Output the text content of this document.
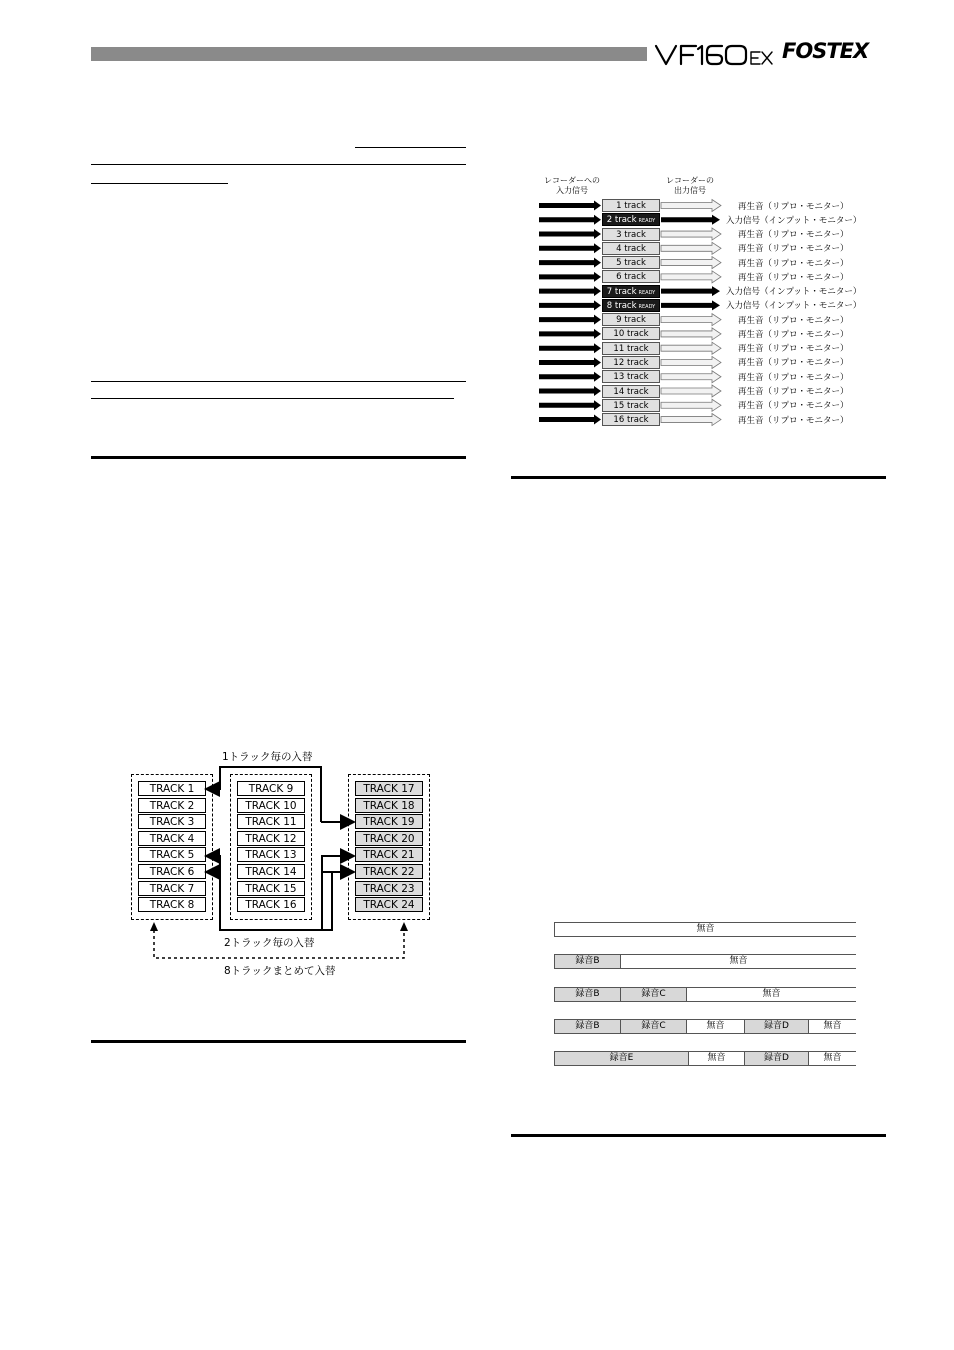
FOSTEX
1トラック毎の入替
2トラック毎の入替
8トラックまとめて入替
TRACK 1
TRACK 2
TRACK 3
TRACK 4
TRACK 5
TRACK 6
TRACK 7
TRACK 8
TRACK 9
TRACK 10
TRACK 11
TRACK 12
TRACK 13
TRACK 14
TRACK 15
TRACK 16
TRACK 17
TRACK 18
TRACK 19
TRACK 20
TRACK 21
TRACK 22
TRACK 23
TRACK 24
レコーダーへの
入力信号
レコーダーの
出力信号
1 track	再生音（リプロ・モニター）
2 track READY	入力信号（インプット・モニター）
3 track	再生音（リプロ・モニター）
4 track	再生音（リプロ・モニター）
5 track	再生音（リプロ・モニター）
6 track	再生音（リプロ・モニター）
7 track READY	入力信号（インプット・モニター）
8 track READY	入力信号（インプット・モニター）
9 track	再生音（リプロ・モニター）
10 track	再生音（リプロ・モニター）
11 track	再生音（リプロ・モニター）
12 track	再生音（リプロ・モニター）
13 track	再生音（リプロ・モニター）
14 track	再生音（リプロ・モニター）
15 track	再生音（リプロ・モニター）
16 track	再生音（リプロ・モニター）
無音
録音B	無音
録音B	録音C	無音
録音B	録音C	無音	録音D	無音
録音E	無音	録音D	無音
